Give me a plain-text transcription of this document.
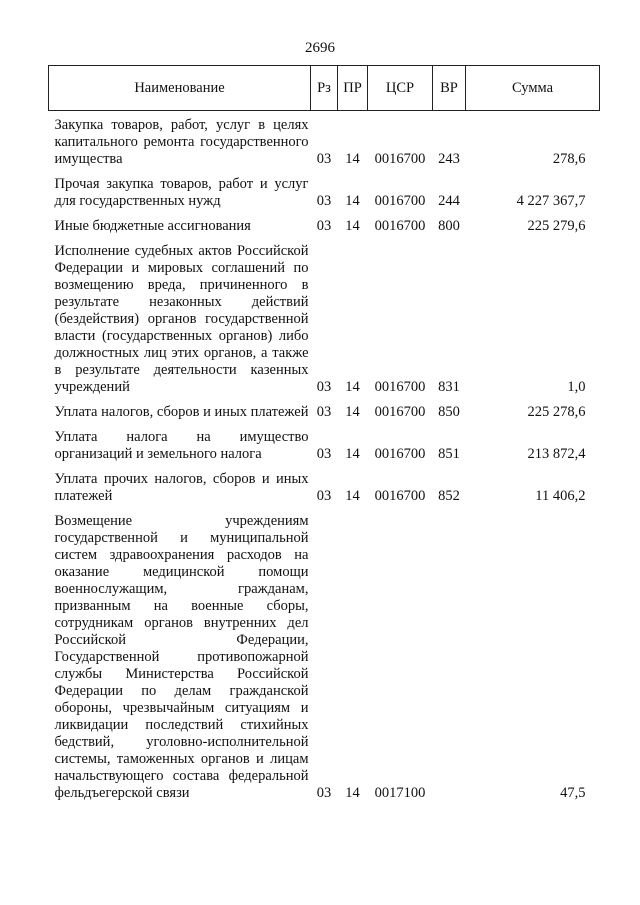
2696
Наименование	Рз	ПР	ЦСР	ВР	Сумма
Закупка товаров, работ, услуг в целях капитального ремонта государственного имущества	03	14	0016700	243	278,6
Прочая закупка товаров, работ и услуг для государственных нужд	03	14	0016700	244	4 227 367,7
Иные бюджетные ассигнования	03	14	0016700	800	225 279,6
Исполнение судебных актов Российской Федерации и мировых соглашений по возмещению вреда, причиненного в результате незаконных действий (бездействия) органов государственной власти (государственных органов) либо должностных лиц этих органов, а также в результате деятельности казенных учреждений	03	14	0016700	831	1,0
Уплата налогов, сборов и иных платежей	03	14	0016700	850	225 278,6
Уплата налога на имущество организаций и земельного налога	03	14	0016700	851	213 872,4
Уплата прочих налогов, сборов и иных платежей	03	14	0016700	852	11 406,2
Возмещение учреждениям государственной и муниципальной систем здравоохранения расходов на оказание медицинской помощи военнослужащим, гражданам, призванным на военные сборы, сотрудникам органов внутренних дел Российской Федерации, Государственной противопожарной службы Министерства Российской Федерации по делам гражданской обороны, чрезвычайным ситуациям и ликвидации последствий стихийных бедствий, уголовно-исполнительной системы, таможенных органов и лицам начальствующего состава федеральной фельдъегерской связи	03	14	0017100		47,5
